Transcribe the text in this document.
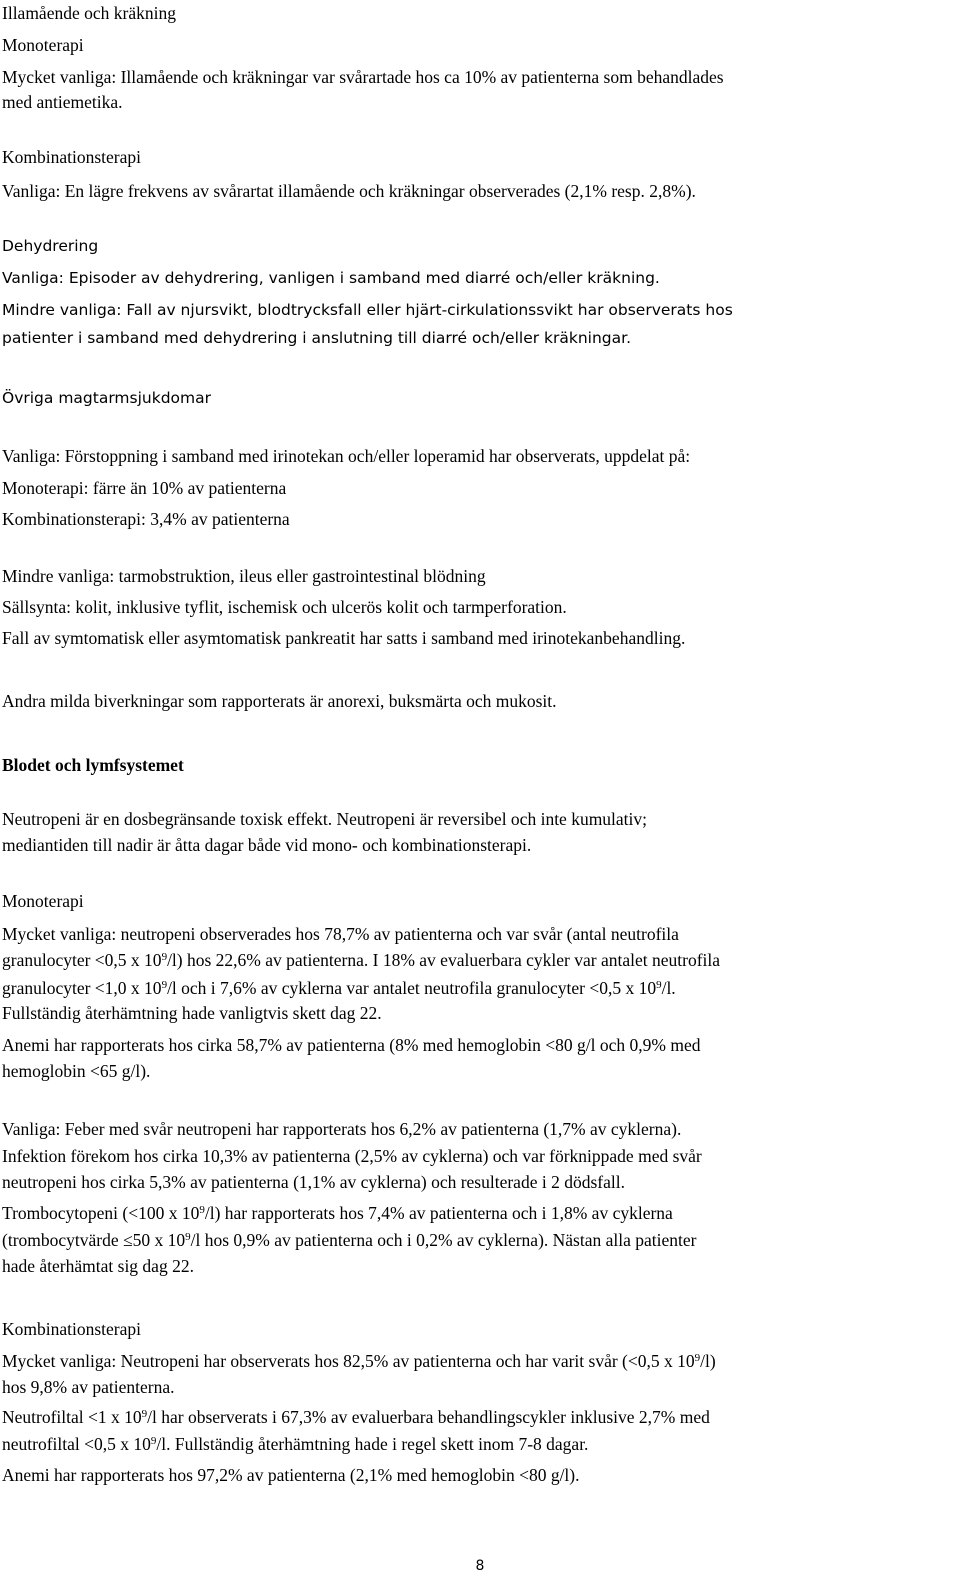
Illamående och kräkning

Monoterapi

Mycket vanliga: Illamående och kräkningar var svårartade hos ca 10% av patienterna som behandlades

med antiemetika.

Kombinationsterapi

Vanliga: En lägre frekvens av svårartat illamående och kräkningar observerades (2,1% resp. 2,8%).

Dehydrering

Vanliga: Episoder av dehydrering, vanligen i samband med diarré och/eller kräkning.

Mindre vanliga: Fall av njursvikt, blodtrycksfall eller hjärt-cirkulationssvikt har observerats hos

patienter i samband med dehydrering i anslutning till diarré och/eller kräkningar.

Övriga magtarmsjukdomar

Vanliga: Förstoppning i samband med irinotekan och/eller loperamid har observerats, uppdelat på:

Monoterapi: färre än 10% av patienterna

Kombinationsterapi: 3,4% av patienterna

Mindre vanliga: tarmobstruktion, ileus eller gastrointestinal blödning

Sällsynta: kolit, inklusive tyflit, ischemisk och ulcerös kolit och tarmperforation.

Fall av symtomatisk eller asymtomatisk pankreatit har satts i samband med irinotekanbehandling.

Andra milda biverkningar som rapporterats är anorexi, buksmärta och mukosit.

Blodet och lymfsystemet

Neutropeni är en dosbegränsande toxisk effekt. Neutropeni är reversibel och inte kumulativ;

mediantiden till nadir är åtta dagar både vid mono- och kombinationsterapi.

Monoterapi

Mycket vanliga: neutropeni observerades hos 78,7% av patienterna och var svår (antal neutrofila

granulocyter <0,5 x $10^9/l$) hos 22,6% av patienterna. I 18% av evaluerbara cykler var antalet neutrofila

granulocyter <1,0 x $10^9/l$ och i 7,6% av cyklerna var antalet neutrofila granulocyter <0,5 x $10^9/l$.

Fullständig återhämtning hade vanligtvis skett dag 22.

Anemi har rapporterats hos cirka 58,7% av patienterna (8% med hemoglobin <80 g/l och 0,9% med

hemoglobin <65 g/l).

Vanliga: Feber med svår neutropeni har rapporterats hos 6,2% av patienterna (1,7% av cyklerna).

Infektion förekom hos cirka 10,3% av patienterna (2,5% av cyklerna) och var förknippade med svår

neutropeni hos cirka 5,3% av patienterna (1,1% av cyklerna) och resulterade i 2 dödsfall.

Trombocytopeni (<100 x $10^9/l$) har rapporterats hos 7,4% av patienterna och i 1,8% av cyklerna

(trombocytvärde ≤50 x $10^9/l$ hos 0,9% av patienterna och i 0,2% av cyklerna). Nästan alla patienter

hade återhämtat sig dag 22.

Kombinationsterapi

Mycket vanliga: Neutropeni har observerats hos 82,5% av patienterna och har varit svår (<0,5 x $10^9/l$)

hos 9,8% av patienterna.

Neutrofiltal <1 x $10^9/l$ har observerats i 67,3% av evaluerbara behandlingscykler inklusive 2,7% med

neutrofiltal <0,5 x $10^9/l$. Fullständig återhämtning hade i regel skett inom 7-8 dagar.

Anemi har rapporterats hos 97,2% av patienterna (2,1% med hemoglobin <80 g/l).

8
